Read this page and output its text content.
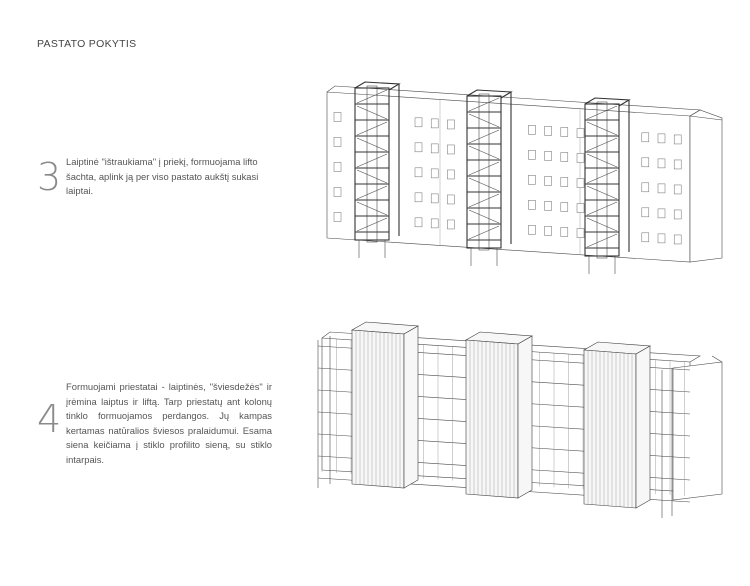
PASTATO POKYTIS
3 Laiptinė "ištraukiama" į priekį, formuojama lifto šachta, aplink ją per viso pastato aukštį sukasi laiptai.
4
Formuojami priestatai - laiptinės, "šviesdežės" ir įrėmina laiptus ir liftą. Tarp priestatų ant kolonų tinklo formuojamos perdangos. Jų kampas kertamas natūralios šviesos pralaidumui. Esama siena keičiama į stiklo profilito sieną, su stiklo intarpais.
